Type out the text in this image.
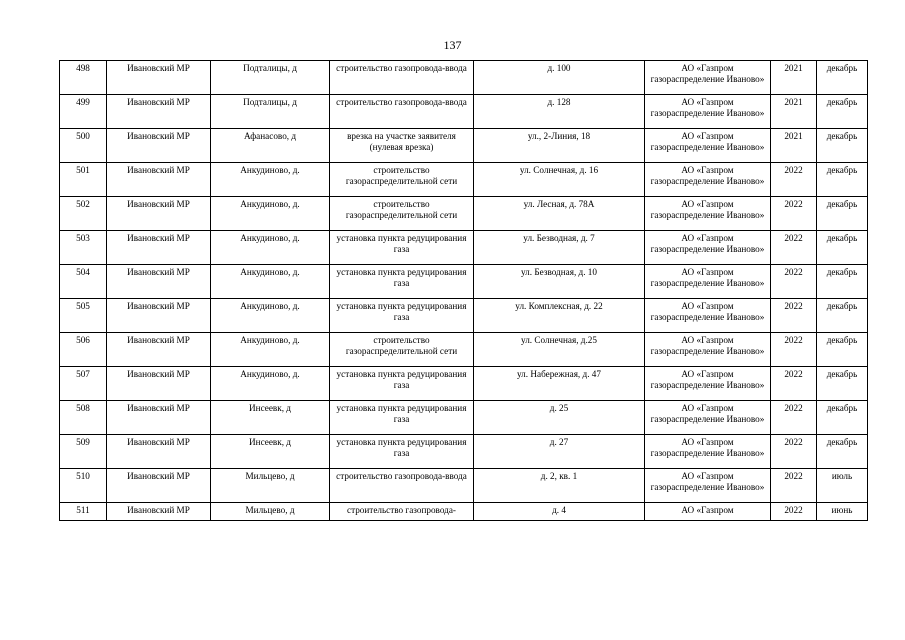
137
498	Ивановский МР	Подталицы, д	строительство газопровода-ввода	д. 100	АО «Газпром газораспределение Иваново»	2021	декабрь
499	Ивановский МР	Подталицы, д	строительство газопровода-ввода	д. 128	АО «Газпром газораспределение Иваново»	2021	декабрь
500	Ивановский МР	Афанасово, д	врезка на участке заявителя (нулевая врезка)	ул., 2-Линия, 18	АО «Газпром газораспределение Иваново»	2021	декабрь
501	Ивановский МР	Анкудиново, д.	строительство газораспределительной сети	ул. Солнечная, д. 16	АО «Газпром газораспределение Иваново»	2022	декабрь
502	Ивановский МР	Анкудиново, д.	строительство газораспределительной сети	ул. Лесная, д. 78А	АО «Газпром газораспределение Иваново»	2022	декабрь
503	Ивановский МР	Анкудиново, д.	установка пункта редуцирования газа	ул. Безводная, д. 7	АО «Газпром газораспределение Иваново»	2022	декабрь
504	Ивановский МР	Анкудиново, д.	установка пункта редуцирования газа	ул. Безводная, д. 10	АО «Газпром газораспределение Иваново»	2022	декабрь
505	Ивановский МР	Анкудиново, д.	установка пункта редуцирования газа	ул. Комплексная, д. 22	АО «Газпром газораспределение Иваново»	2022	декабрь
506	Ивановский МР	Анкудиново, д.	строительство газораспределительной сети	ул. Солнечная, д.25	АО «Газпром газораспределение Иваново»	2022	декабрь
507	Ивановский МР	Анкудиново, д.	установка пункта редуцирования газа	ул. Набережная, д. 47	АО «Газпром газораспределение Иваново»	2022	декабрь
508	Ивановский МР	Инсеевк, д	установка пункта редуцирования газа	д. 25	АО «Газпром газораспределение Иваново»	2022	декабрь
509	Ивановский МР	Инсеевк, д	установка пункта редуцирования газа	д. 27	АО «Газпром газораспределение Иваново»	2022	декабрь
510	Ивановский МР	Мильцево, д	строительство газопровода-ввода	д. 2, кв. 1	АО «Газпром газораспределение Иваново»	2022	июль
511	Ивановский МР	Мильцево, д	строительство газопровода-	д. 4	АО «Газпром	2022	июнь
